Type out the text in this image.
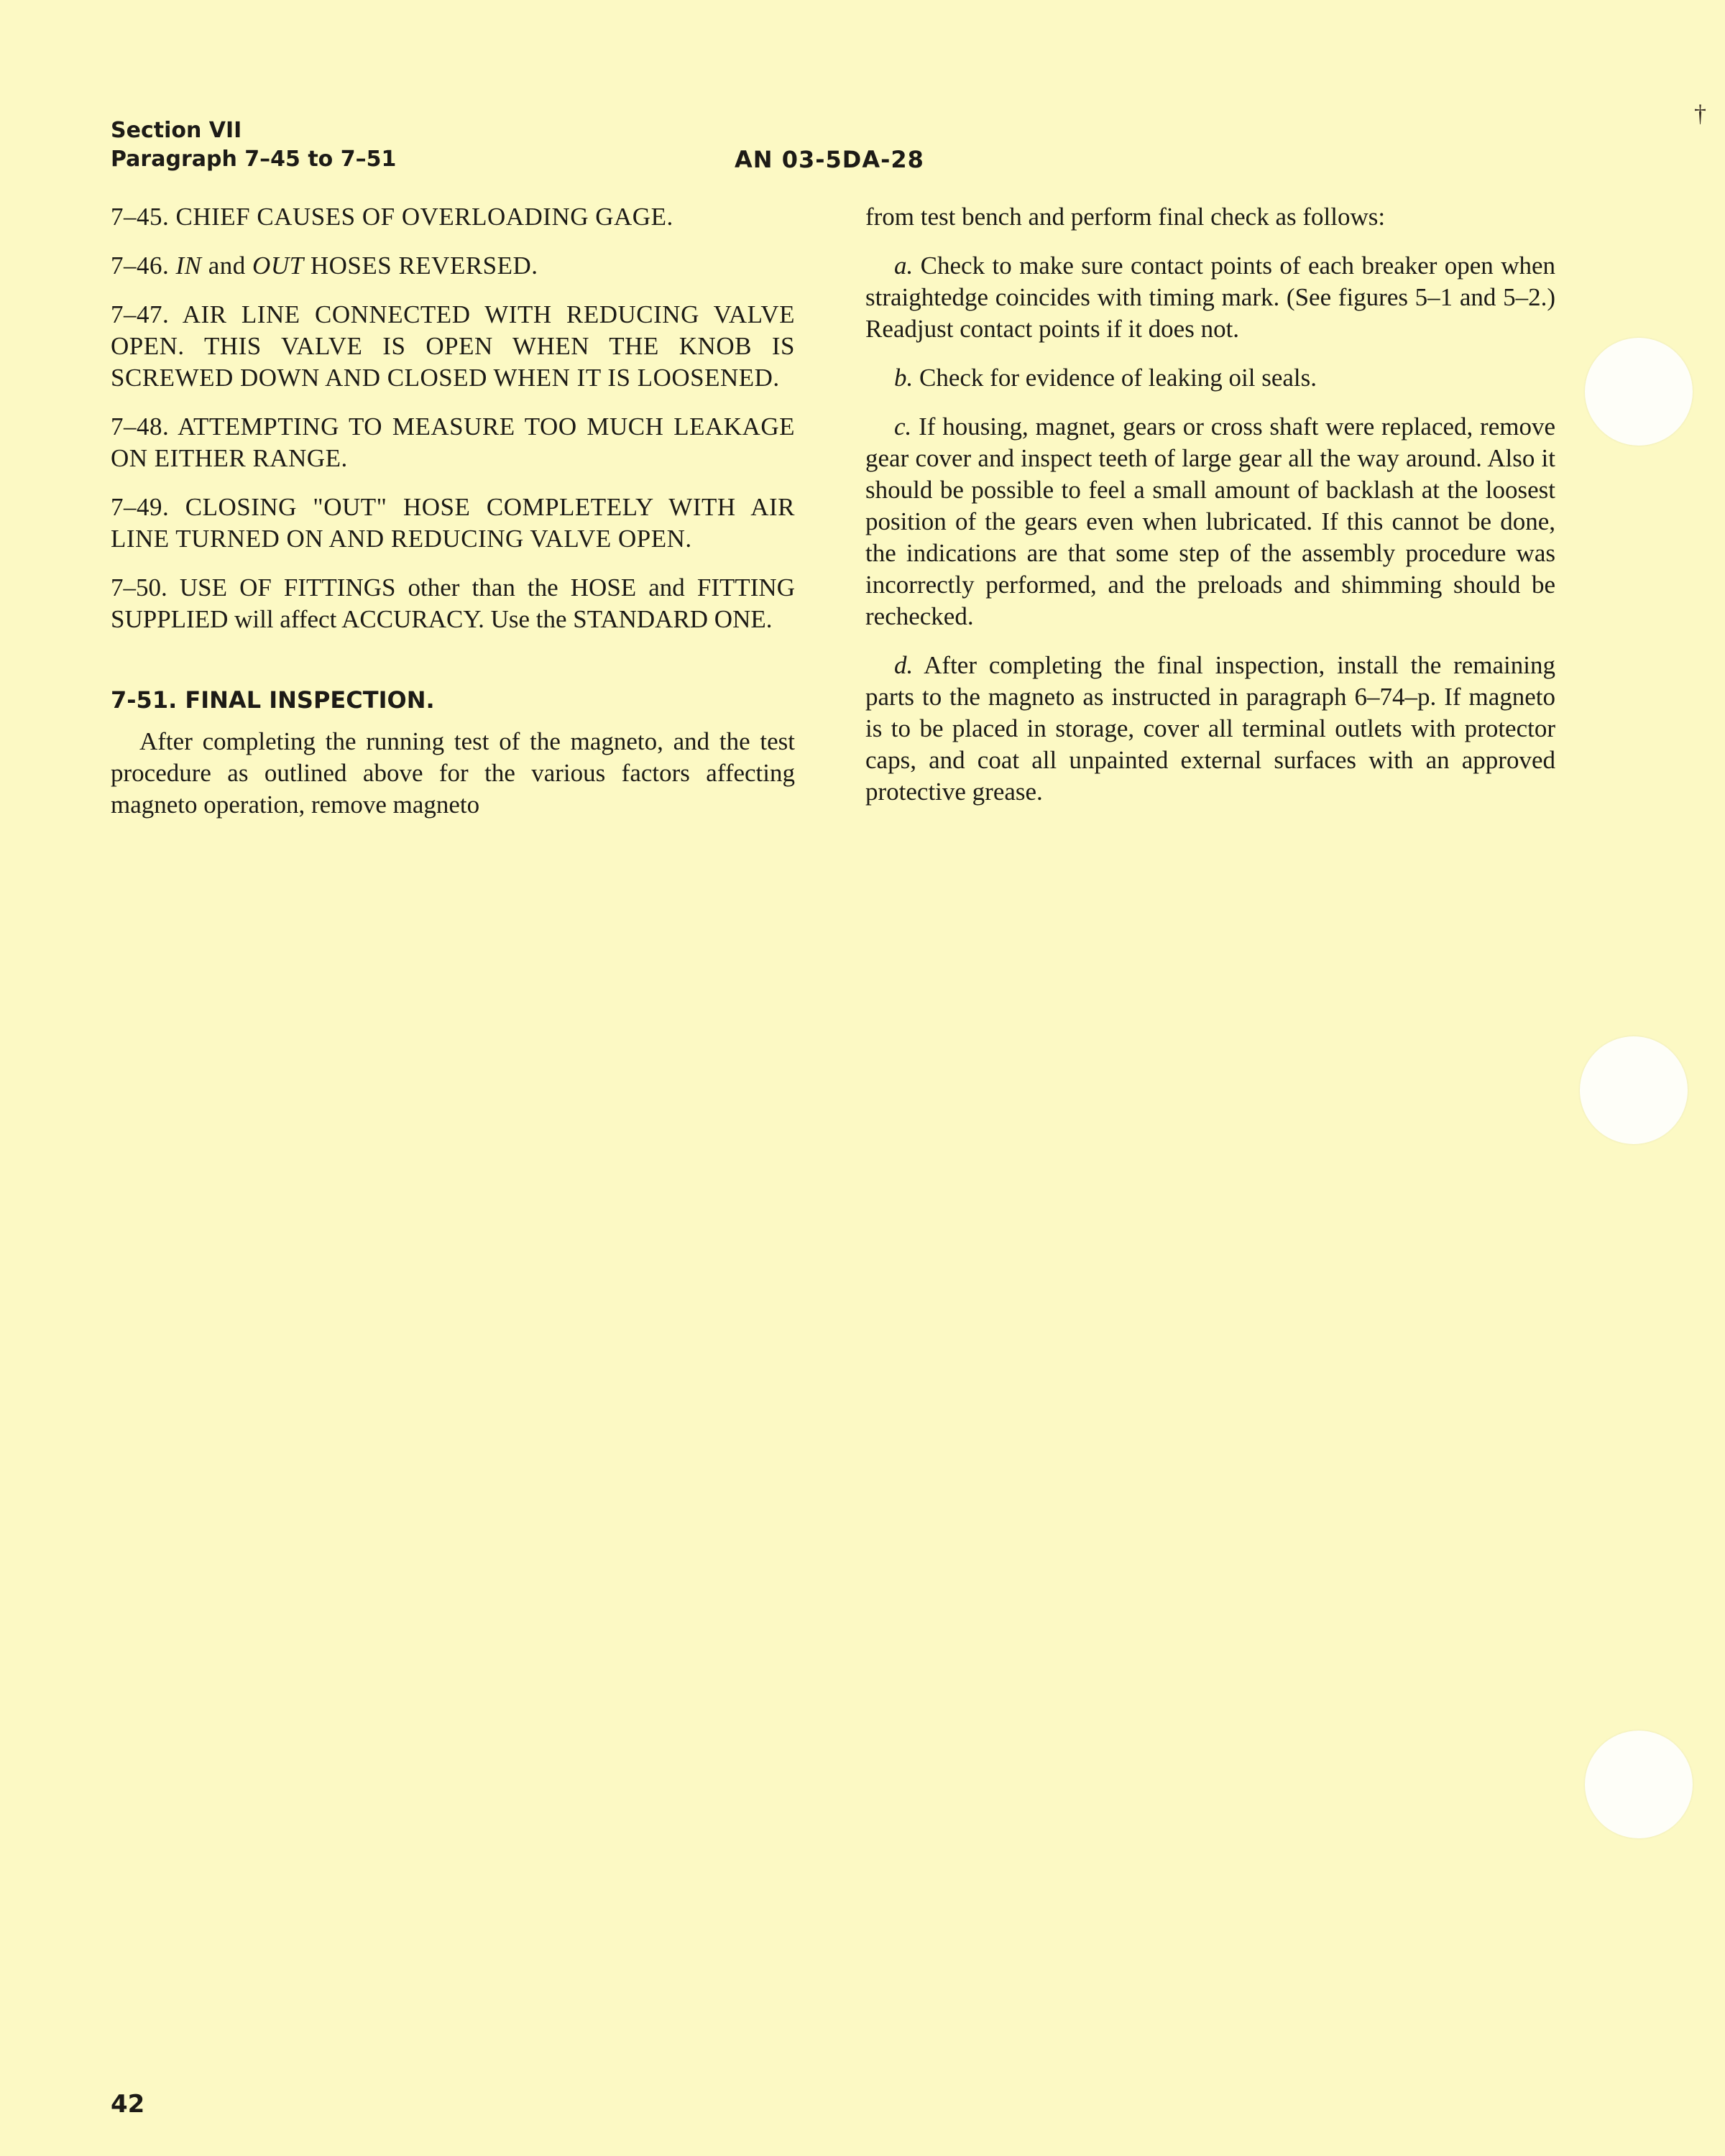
Section VII
Paragraph 7–45 to 7–51	AN 03-5DA-28
†

7–45. CHIEF CAUSES OF OVERLOADING GAGE.

7–46. IN and OUT HOSES REVERSED.

7–47. AIR LINE CONNECTED WITH REDUCING VALVE OPEN. THIS VALVE IS OPEN WHEN THE KNOB IS SCREWED DOWN AND CLOSED WHEN IT IS LOOSENED.

7–48. ATTEMPTING TO MEASURE TOO MUCH LEAKAGE ON EITHER RANGE.

7–49. CLOSING "OUT" HOSE COMPLETELY WITH AIR LINE TURNED ON AND REDUCING VALVE OPEN.

7–50. USE OF FITTINGS other than the HOSE and FITTING SUPPLIED will affect ACCURACY. Use the STANDARD ONE.

7-51. FINAL INSPECTION.

After completing the running test of the magneto, and the test procedure as outlined above for the various factors affecting magneto operation, remove magneto

from test bench and perform final check as follows:

a. Check to make sure contact points of each breaker open when straightedge coincides with timing mark. (See figures 5–1 and 5–2.) Readjust contact points if it does not.

b. Check for evidence of leaking oil seals.

c. If housing, magnet, gears or cross shaft were replaced, remove gear cover and inspect teeth of large gear all the way around. Also it should be possible to feel a small amount of backlash at the loosest position of the gears even when lubricated. If this cannot be done, the indications are that some step of the assembly procedure was incorrectly performed, and the preloads and shimming should be rechecked.

d. After completing the final inspection, install the remaining parts to the magneto as instructed in paragraph 6–74–p. If magneto is to be placed in storage, cover all terminal outlets with protector caps, and coat all unpainted external surfaces with an approved protective grease.

42
